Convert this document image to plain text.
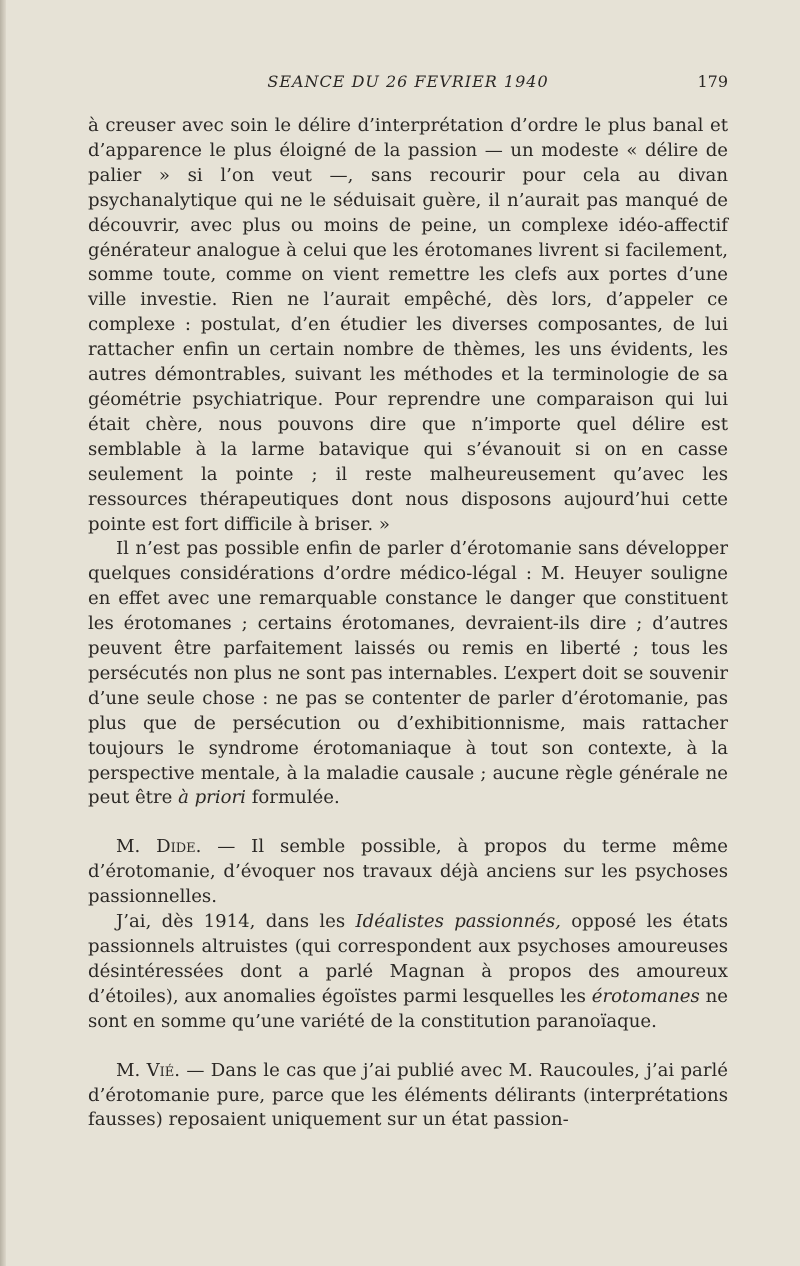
SEANCE DU 26 FEVRIER 1940	179

à creuser avec soin le délire d’interprétation d’ordre le plus banal et d’apparence le plus éloigné de la passion — un modeste « délire de palier » si l’on veut —, sans recourir pour cela au divan psychanalytique qui ne le séduisait guère, il n’aurait pas manqué de découvrir, avec plus ou moins de peine, un complexe idéo-affectif générateur analogue à celui que les érotomanes livrent si facilement, somme toute, comme on vient remettre les clefs aux portes d’une ville investie. Rien ne l’aurait empêché, dès lors, d’appeler ce complexe : postulat, d’en étudier les diverses composantes, de lui rattacher enfin un certain nombre de thèmes, les uns évidents, les autres démontrables, suivant les méthodes et la terminologie de sa géométrie psychiatrique. Pour reprendre une comparaison qui lui était chère, nous pouvons dire que n’importe quel délire est semblable à la larme batavique qui s’évanouit si on en casse seulement la pointe ; il reste malheureusement qu’avec les ressources thérapeutiques dont nous disposons aujourd’hui cette pointe est fort difficile à briser. »

Il n’est pas possible enfin de parler d’érotomanie sans développer quelques considérations d’ordre médico-légal : M. Heuyer souligne en effet avec une remarquable constance le danger que constituent les érotomanes ; certains érotomanes, devraient-ils dire ; d’autres peuvent être parfaitement laissés ou remis en liberté ; tous les persécutés non plus ne sont pas internables. L’expert doit se souvenir d’une seule chose : ne pas se contenter de parler d’érotomanie, pas plus que de persécution ou d’exhibitionnisme, mais rattacher toujours le syndrome érotomaniaque à tout son contexte, à la perspective mentale, à la maladie causale ; aucune règle générale ne peut être à priori formulée.

M. Dide. — Il semble possible, à propos du terme même d’érotomanie, d’évoquer nos travaux déjà anciens sur les psychoses passionnelles.

J’ai, dès 1914, dans les Idéalistes passionnés, opposé les états passionnels altruistes (qui correspondent aux psychoses amoureuses désintéressées dont a parlé Magnan à propos des amoureux d’étoiles), aux anomalies égoïstes parmi lesquelles les érotomanes ne sont en somme qu’une variété de la constitution paranoïaque.

M. Vié. — Dans le cas que j’ai publié avec M. Raucoules, j’ai parlé d’érotomanie pure, parce que les éléments délirants (interprétations fausses) reposaient uniquement sur un état passion-
